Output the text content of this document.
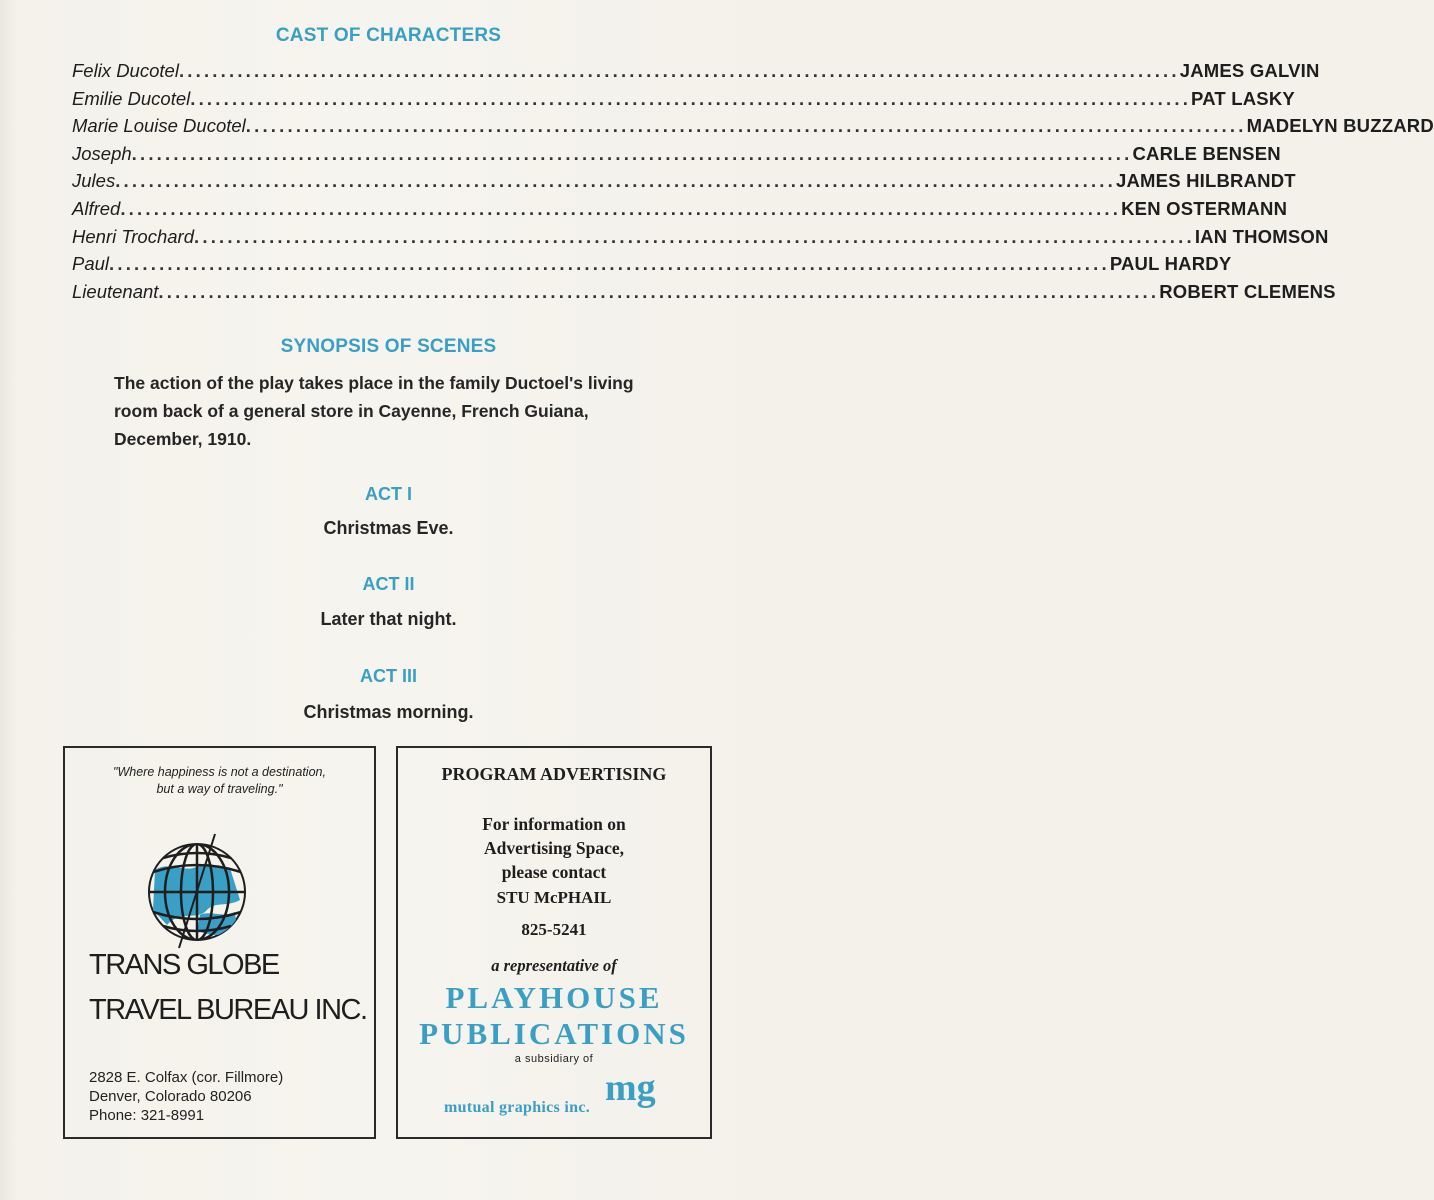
CAST OF CHARACTERS
Felix Ducotel ........................................................................................................................ JAMES GALVIN
Emilie Ducotel ........................................................................................................................ PAT LASKY
Marie Louise Ducotel ........................................................................................................................ MADELYN BUZZARD
Joseph ........................................................................................................................ CARLE BENSEN
Jules ........................................................................................................................ JAMES HILBRANDT
Alfred ........................................................................................................................ KEN OSTERMANN
Henri Trochard ........................................................................................................................ IAN THOMSON
Paul ........................................................................................................................ PAUL HARDY
Lieutenant ........................................................................................................................ ROBERT CLEMENS
SYNOPSIS OF SCENES
The action of the play takes place in the family Ductoel's living room back of a general store in Cayenne, French Guiana, December, 1910.
ACT I
Christmas Eve.
ACT II
Later that night.
ACT III
Christmas morning.
"Where happiness is not a destination,
but a way of traveling."
TRANS GLOBE
TRAVEL BUREAU INC.
2828 E. Colfax (cor. Fillmore)
Denver, Colorado 80206
Phone: 321-8991
PROGRAM ADVERTISING
For information on
Advertising Space,
please contact
STU McPHAIL
825-5241
a representative of
PLAYHOUSE
PUBLICATIONS
a subsidiary of
mg
mutual graphics inc.
